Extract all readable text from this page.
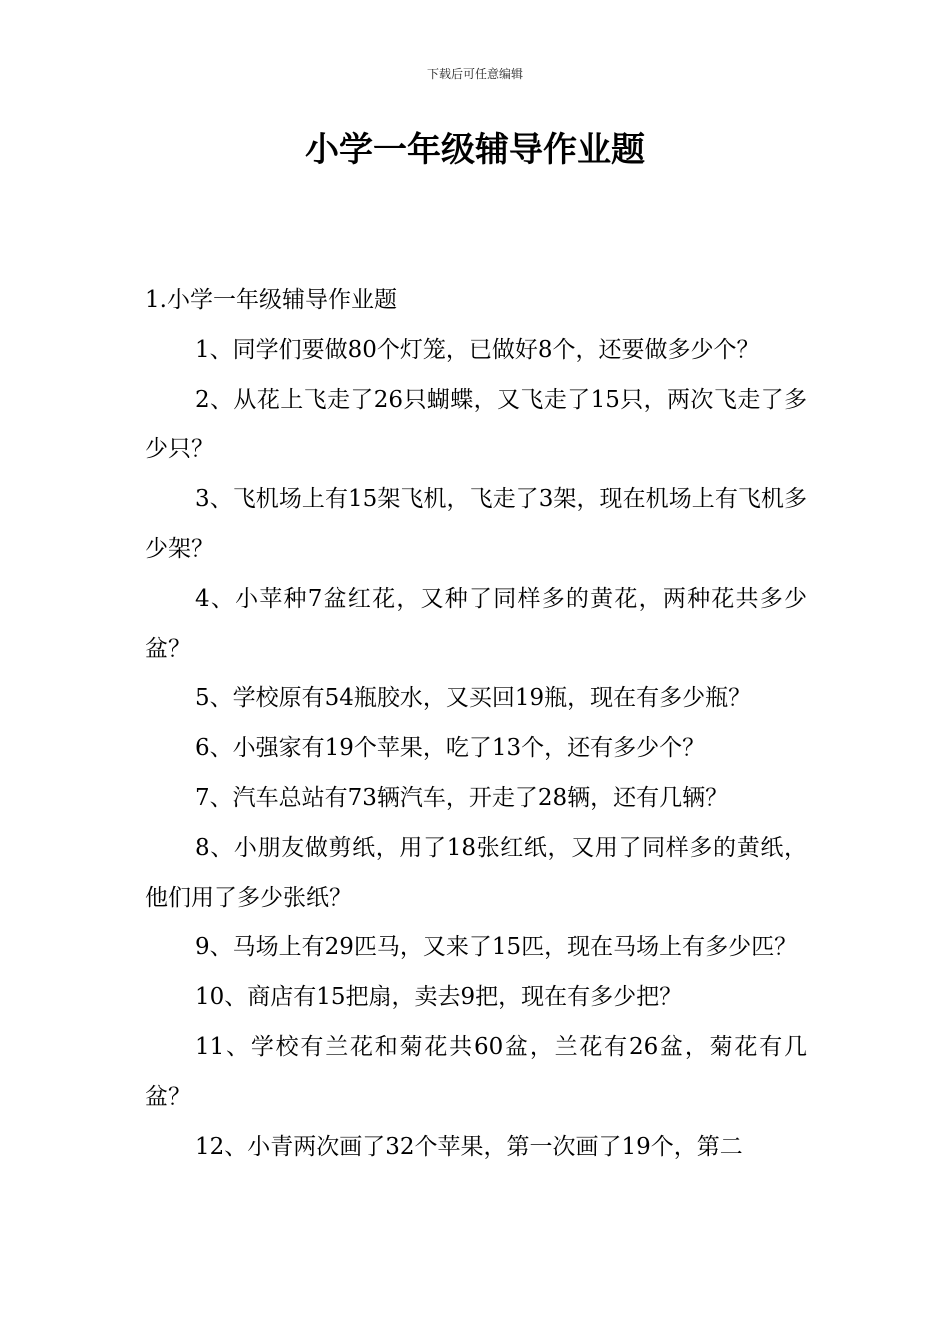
下载后可任意编辑
小学一年级辅导作业题

1.小学一年级辅导作业题

1、同学们要做80个灯笼，已做好8个，还要做多少个？

2、从花上飞走了26只蝴蝶，又飞走了15只，两次飞走了多少只？

3、飞机场上有15架飞机，飞走了3架，现在机场上有飞机多少架？

4、小苹种7盆红花，又种了同样多的黄花，两种花共多少盆？

5、学校原有54瓶胶水，又买回19瓶，现在有多少瓶？

6、小强家有19个苹果，吃了13个，还有多少个？

7、汽车总站有73辆汽车，开走了28辆，还有几辆？

8、小朋友做剪纸，用了18张红纸，又用了同样多的黄纸，他们用了多少张纸？

9、马场上有29匹马，又来了15匹，现在马场上有多少匹？

10、商店有15把扇，卖去9把，现在有多少把？

11、学校有兰花和菊花共60盆，兰花有26盆，菊花有几盆？

12、小青两次画了32个苹果，第一次画了19个，第二
